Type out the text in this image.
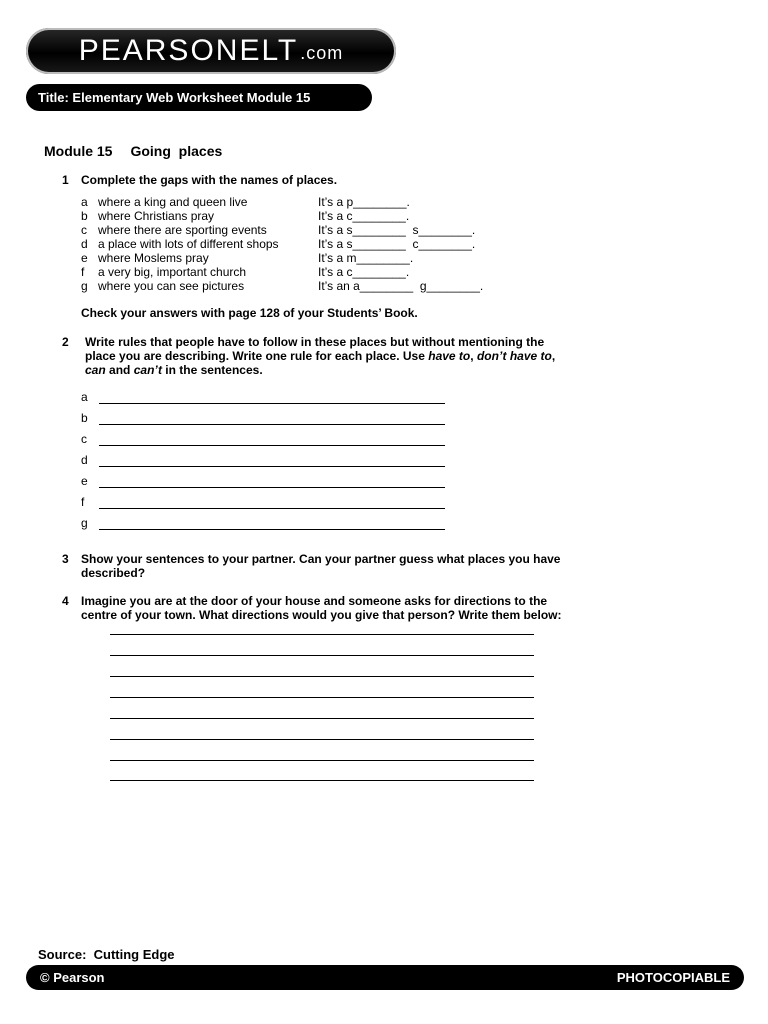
PEARSONELT .com
Title: Elementary Web Worksheet Module 15
Module 15 Going  places
1 Complete the gaps with the names of places.
a where a king and queen live	It’s a p________.
b where Christians pray	It’s a c________.
c where there are sporting events	It’s a s________  s________.
d a place with lots of different shops	It’s a s________  c________.
e where Moslems pray	It’s a m________.
f a very big, important church	It’s a c________.
g where you can see pictures	It’s an a________  g________.
Check your answers with page 128 of your Students’ Book.
2 Write rules that people have to follow in these places but without mentioning the
place you are describing. Write one rule for each place. Use have to, don’t have to,
can and can’t in the sentences.
a
b
c
d
e
f
g
3 Show your sentences to your partner. Can your partner guess what places you have
described?
4 Imagine you are at the door of your house and someone asks for directions to the
centre of your town. What directions would you give that person? Write them below:
Source:  Cutting Edge
© Pearson	PHOTOCOPIABLE
